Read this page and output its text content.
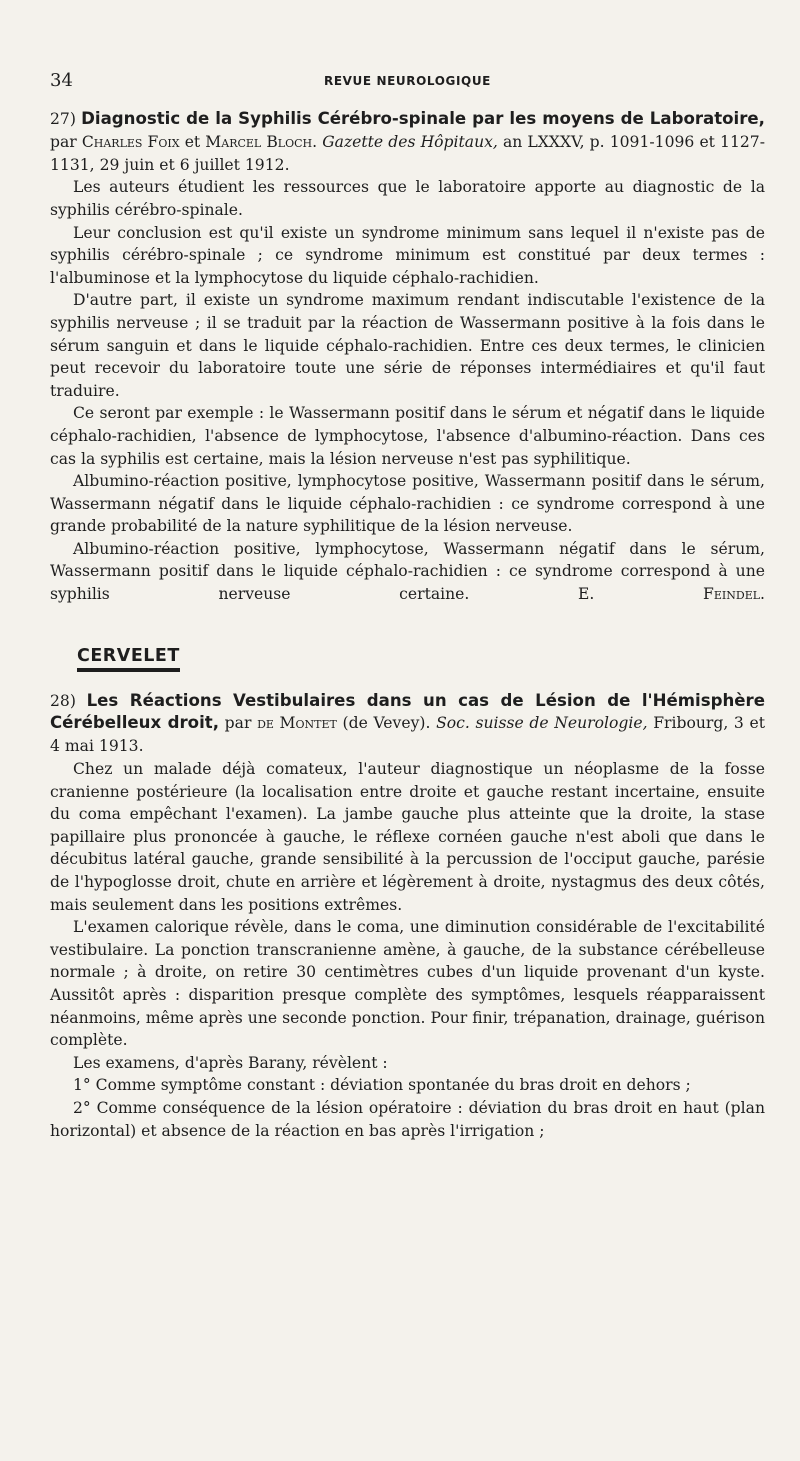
34	REVUE NEUROLOGIQUE

27) Diagnostic de la Syphilis Cérébro-spinale par les moyens de Laboratoire, par Charles Foix et Marcel Bloch. Gazette des Hôpitaux, an LXXXV, p. 1091-1096 et 1127-1131, 29 juin et 6 juillet 1912.

Les auteurs étudient les ressources que le laboratoire apporte au diagnostic de la syphilis cérébro-spinale.

Leur conclusion est qu'il existe un syndrome minimum sans lequel il n'existe pas de syphilis cérébro-spinale ; ce syndrome minimum est constitué par deux termes : l'albuminose et la lymphocytose du liquide céphalo-rachidien.

D'autre part, il existe un syndrome maximum rendant indiscutable l'existence de la syphilis nerveuse ; il se traduit par la réaction de Wassermann positive à la fois dans le sérum sanguin et dans le liquide céphalo-rachidien. Entre ces deux termes, le clinicien peut recevoir du laboratoire toute une série de réponses intermédiaires et qu'il faut traduire.

Ce seront par exemple : le Wassermann positif dans le sérum et négatif dans le liquide céphalo-rachidien, l'absence de lymphocytose, l'absence d'albumino-réaction. Dans ces cas la syphilis est certaine, mais la lésion nerveuse n'est pas syphilitique.

Albumino-réaction positive, lymphocytose positive, Wassermann positif dans le sérum, Wassermann négatif dans le liquide céphalo-rachidien : ce syndrome correspond à une grande probabilité de la nature syphilitique de la lésion nerveuse.

Albumino-réaction positive, lymphocytose, Wassermann négatif dans le sérum, Wassermann positif dans le liquide céphalo-rachidien : ce syndrome correspond à une syphilis nerveuse certaine.	E. Feindel.

CERVELET

28) Les Réactions Vestibulaires dans un cas de Lésion de l'Hémisphère Cérébelleux droit, par de Montet (de Vevey). Soc. suisse de Neurologie, Fribourg, 3 et 4 mai 1913.

Chez un malade déjà comateux, l'auteur diagnostique un néoplasme de la fosse cranienne postérieure (la localisation entre droite et gauche restant incertaine, ensuite du coma empêchant l'examen). La jambe gauche plus atteinte que la droite, la stase papillaire plus prononcée à gauche, le réflexe cornéen gauche n'est aboli que dans le décubitus latéral gauche, grande sensibilité à la percussion de l'occiput gauche, parésie de l'hypoglosse droit, chute en arrière et légèrement à droite, nystagmus des deux côtés, mais seulement dans les positions extrêmes.

L'examen calorique révèle, dans le coma, une diminution considérable de l'excitabilité vestibulaire. La ponction transcranienne amène, à gauche, de la substance cérébelleuse normale ; à droite, on retire 30 centimètres cubes d'un liquide provenant d'un kyste. Aussitôt après : disparition presque complète des symptômes, lesquels réapparaissent néanmoins, même après une seconde ponction. Pour finir, trépanation, drainage, guérison complète.

Les examens, d'après Barany, révèlent :

1° Comme symptôme constant : déviation spontanée du bras droit en dehors ;

2° Comme conséquence de la lésion opératoire : déviation du bras droit en haut (plan horizontal) et absence de la réaction en bas après l'irrigation ;
